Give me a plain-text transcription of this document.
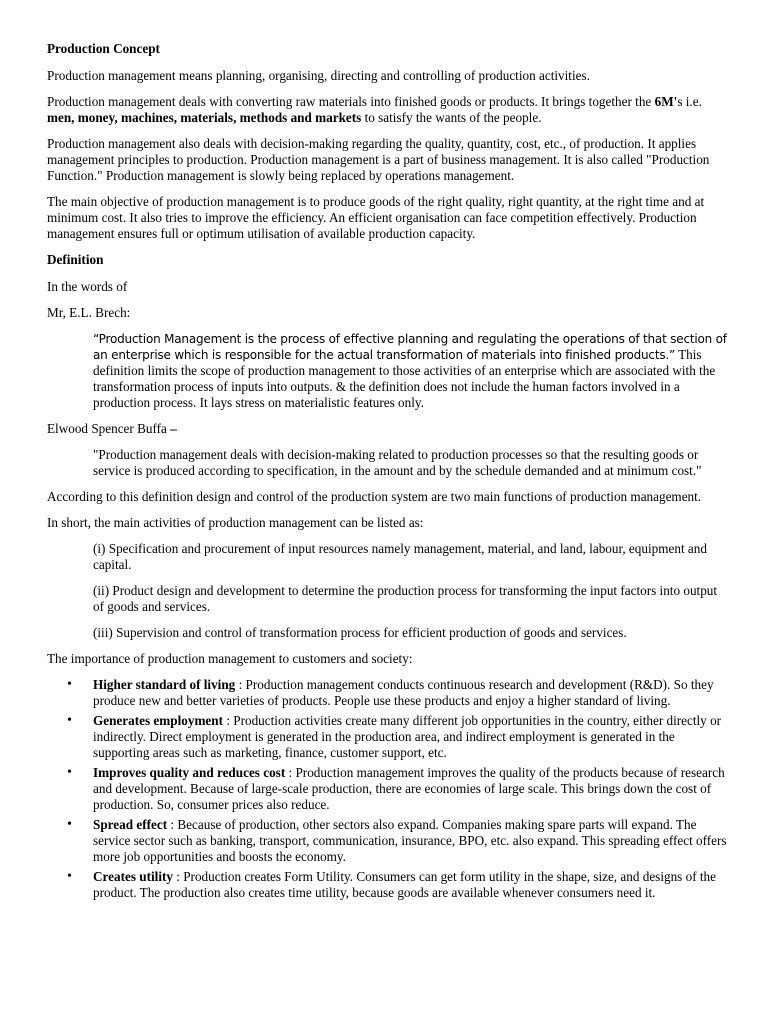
Production Concept

Production management means planning, organising, directing and controlling of production activities.

Production management deals with converting raw materials into finished goods or products. It brings together the 6M's i.e. men, money, machines, materials, methods and markets to satisfy the wants of the people.

Production management also deals with decision-making regarding the quality, quantity, cost, etc., of production. It applies management principles to production. Production management is a part of business management. It is also called "Production Function." Production management is slowly being replaced by operations management.

The main objective of production management is to produce goods of the right quality, right quantity, at the right time and at minimum cost. It also tries to improve the efficiency. An efficient organisation can face competition effectively. Production management ensures full or optimum utilisation of available production capacity.

Definition

In the words of

Mr, E.L. Brech:

“Production Management is the process of effective planning and regulating the operations of that section of an enterprise which is responsible for the actual transformation of materials into finished products.” This definition limits the scope of production management to those activities of an enterprise which are associated with the transformation process of inputs into outputs. & the definition does not include the human factors involved in a production process. It lays stress on materialistic features only.

Elwood Spencer Buffa –

"Production management deals with decision-making related to production processes so that the resulting goods or service is produced according to specification, in the amount and by the schedule demanded and at minimum cost."

According to this definition design and control of the production system are two main functions of production management.

In short, the main activities of production management can be listed as:

(i) Specification and procurement of input resources namely management, material, and land, labour, equipment and capital.

(ii) Product design and development to determine the production process for transforming the input factors into output of goods and services.

(iii) Supervision and control of transformation process for efficient production of goods and services.

The importance of production management to customers and society:

• Higher standard of living : Production management conducts continuous research and development (R&D). So they produce new and better varieties of products. People use these products and enjoy a higher standard of living.
• Generates employment : Production activities create many different job opportunities in the country, either directly or indirectly. Direct employment is generated in the production area, and indirect employment is generated in the supporting areas such as marketing, finance, customer support, etc.
• Improves quality and reduces cost : Production management improves the quality of the products because of research and development. Because of large-scale production, there are economies of large scale. This brings down the cost of production. So, consumer prices also reduce.
• Spread effect : Because of production, other sectors also expand. Companies making spare parts will expand. The service sector such as banking, transport, communication, insurance, BPO, etc. also expand. This spreading effect offers more job opportunities and boosts the economy.
• Creates utility : Production creates Form Utility. Consumers can get form utility in the shape, size, and designs of the product. The production also creates time utility, because goods are available whenever consumers need it.
